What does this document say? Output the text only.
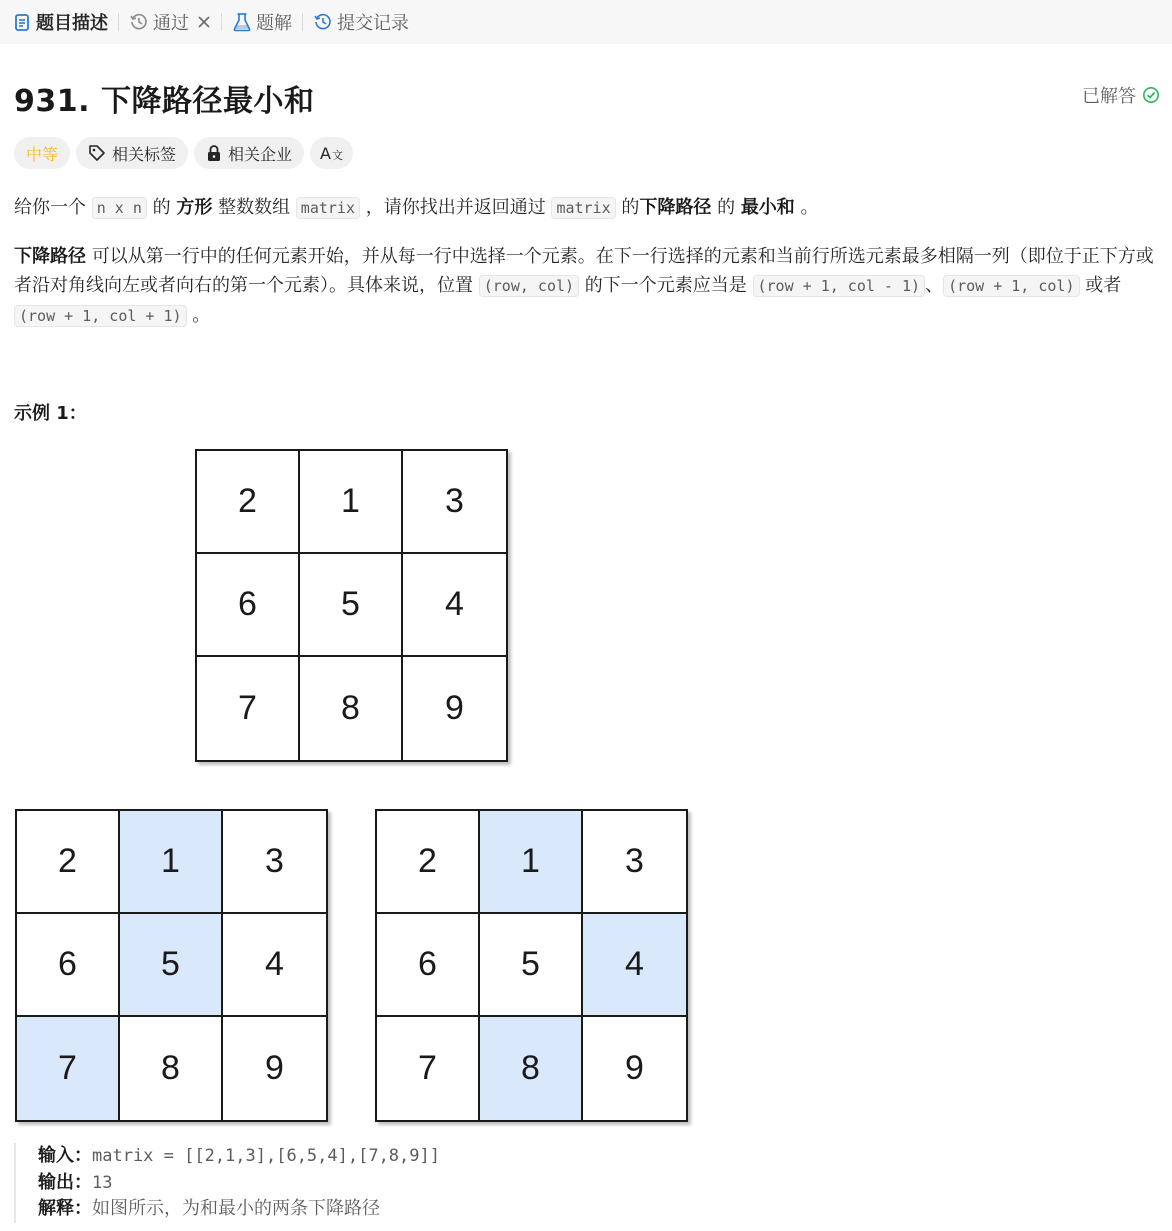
题目描述	通过	题解	提交记录
931. 下降路径最小和	已解答
中等	相关标签	相关企业 A 文
给你一个 n x n 的 方形 整数数组 matrix ，请你找出并返回通过 matrix 的下降路径 的 最小和 。
下降路径 可以从第一行中的任何元素开始，并从每一行中选择一个元素。在下一行选择的元素和当前行所选元素最多相隔一列（即位于正下方或者沿对角线向左或者向右的第一个元素）。具体来说，位置 (row, col) 的下一个元素应当是 (row + 1, col - 1) 、 (row + 1, col) 或者 (row + 1, col + 1) 。
示例 1：
2	1	3
6	5	4
7	8	9
2	1	3
6	5	4
7	8	9
2	1	3
6	5	4
7	8	9
输入：matrix = [[2,1,3],[6,5,4],[7,8,9]]
输出：13
解释：如图所示，为和最小的两条下降路径
